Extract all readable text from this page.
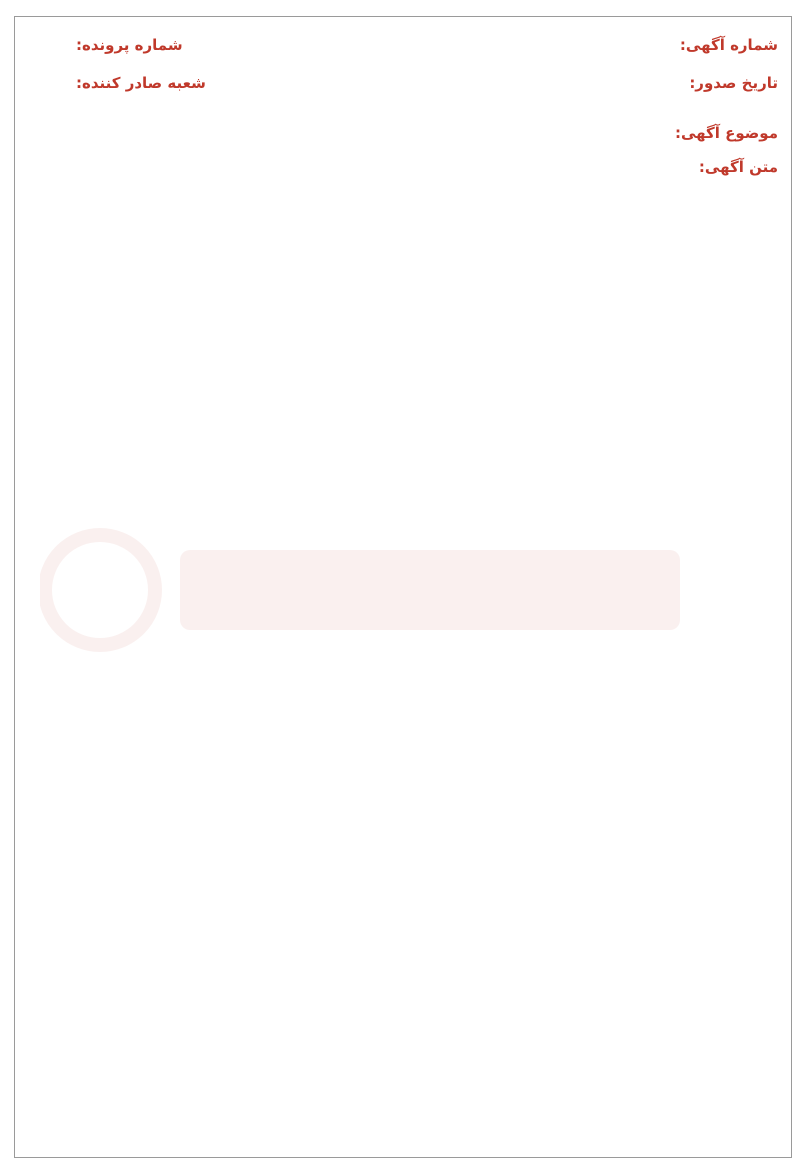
شماره آگهی:
شماره پرونده:
تاریخ صدور:
شعبه صادر کننده:
موضوع آگهی:
متن آگهی:
